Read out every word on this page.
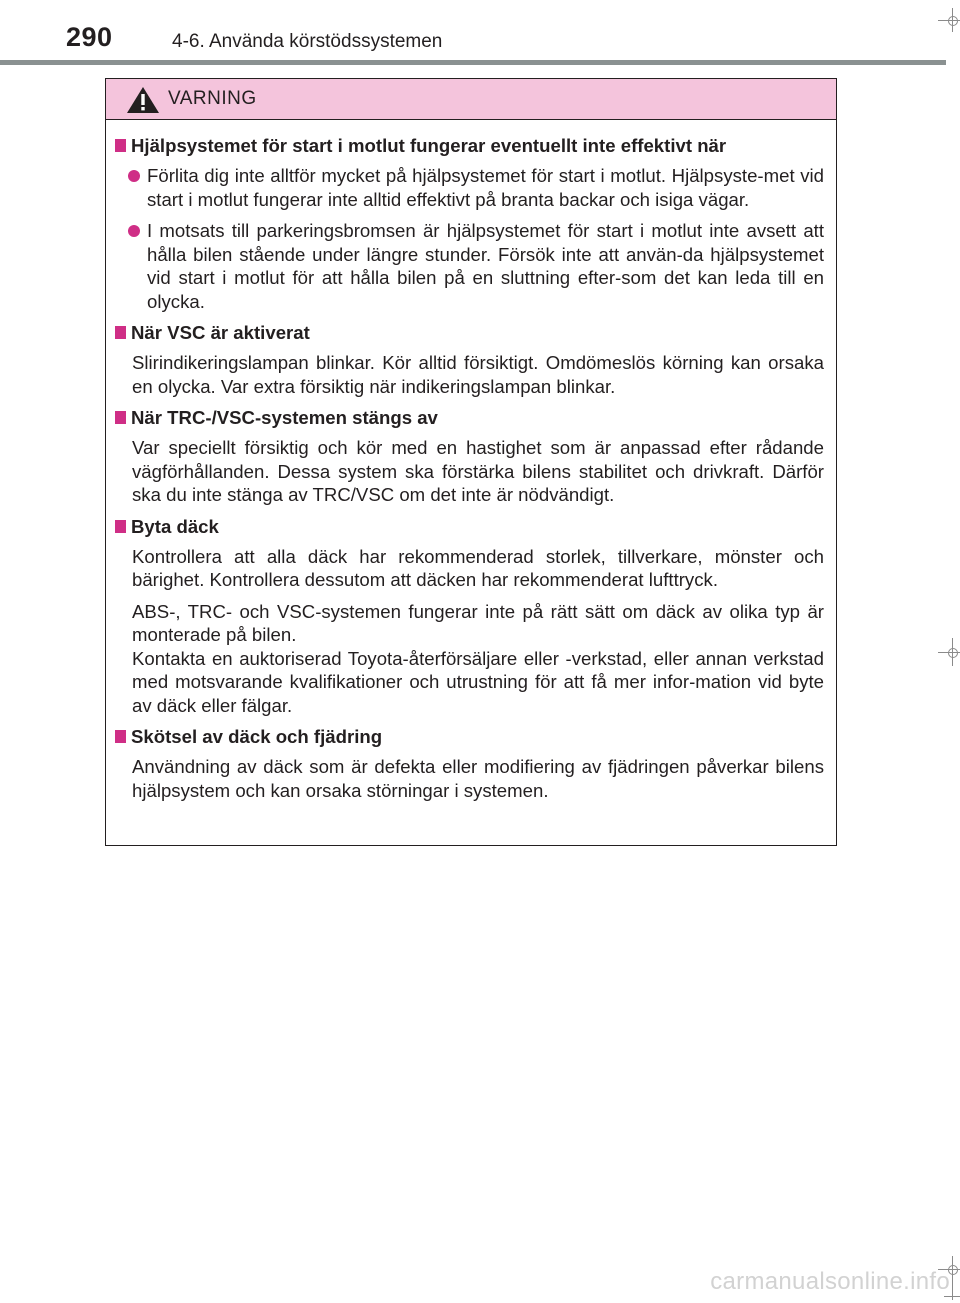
290	4-6. Använda körstödssystemen
VARNING
Hjälpsystemet för start i motlut fungerar eventuellt inte effektivt när
Förlita dig inte alltför mycket på hjälpsystemet för start i motlut. Hjälpsyste-met vid start i motlut fungerar inte alltid effektivt på branta backar och isiga vägar.
I motsats till parkeringsbromsen är hjälpsystemet för start i motlut inte avsett att hålla bilen stående under längre stunder. Försök inte att använ-da hjälpsystemet vid start i motlut för att hålla bilen på en sluttning efter-som det kan leda till en olycka.
När VSC är aktiverat
Slirindikeringslampan blinkar. Kör alltid försiktigt. Omdömeslös körning kan orsaka en olycka. Var extra försiktig när indikeringslampan blinkar.
När TRC-/VSC-systemen stängs av
Var speciellt försiktig och kör med en hastighet som är anpassad efter rådande vägförhållanden. Dessa system ska förstärka bilens stabilitet och drivkraft. Därför ska du inte stänga av TRC/VSC om det inte är nödvändigt.
Byta däck
Kontrollera att alla däck har rekommenderad storlek, tillverkare, mönster och bärighet. Kontrollera dessutom att däcken har rekommenderat lufttryck.
ABS-, TRC- och VSC-systemen fungerar inte på rätt sätt om däck av olika typ är monterade på bilen.
Kontakta en auktoriserad Toyota-återförsäljare eller -verkstad, eller annan verkstad med motsvarande kvalifikationer och utrustning för att få mer infor-mation vid byte av däck eller fälgar.
Skötsel av däck och fjädring
Användning av däck som är defekta eller modifiering av fjädringen påverkar bilens hjälpsystem och kan orsaka störningar i systemen.
carmanualsonline.info
